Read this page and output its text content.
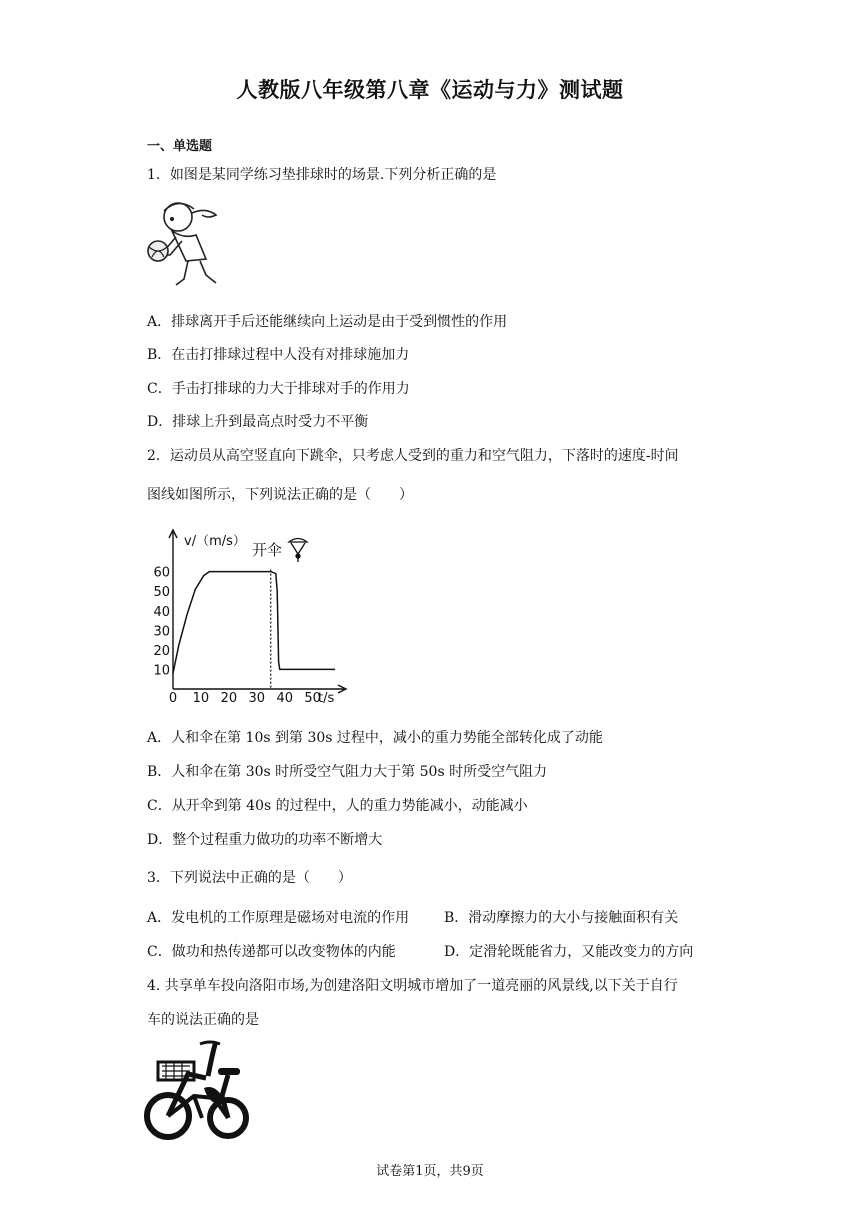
人教版八年级第八章《运动与力》测试题
一、单选题
1．如图是某同学练习垫排球时的场景.下列分析正确的是
A．排球离开手后还能继续向上运动是由于受到惯性的作用
B．在击打排球过程中人没有对排球施加力
C．手击打排球的力大于排球对手的作用力
D．排球上升到最高点时受力不平衡
2．运动员从高空竖直向下跳伞，只考虑人受到的重力和空气阻力，下落时的速度-时间
图线如图所示，下列说法正确的是（　　）
v/（m/s）
t/s
开伞
0 10 20 30 40 50
10
20
30
40
50
60
A．人和伞在第 10s 到第 30s 过程中，减小的重力势能全部转化成了动能
B．人和伞在第 30s 时所受空气阻力大于第 50s 时所受空气阻力
C．从开伞到第 40s 的过程中，人的重力势能减小，动能减小
D．整个过程重力做功的功率不断增大
3．下列说法中正确的是（　　）
A．发电机的工作原理是磁场对电流的作用 B．滑动摩擦力的大小与接触面积有关
C．做功和热传递都可以改变物体的内能	D．定滑轮既能省力，又能改变力的方向
4. 共享单车投向洛阳市场,为创建洛阳文明城市增加了一道亮丽的风景线,以下关于自行
车的说法正确的是
试卷第1页，共9页
